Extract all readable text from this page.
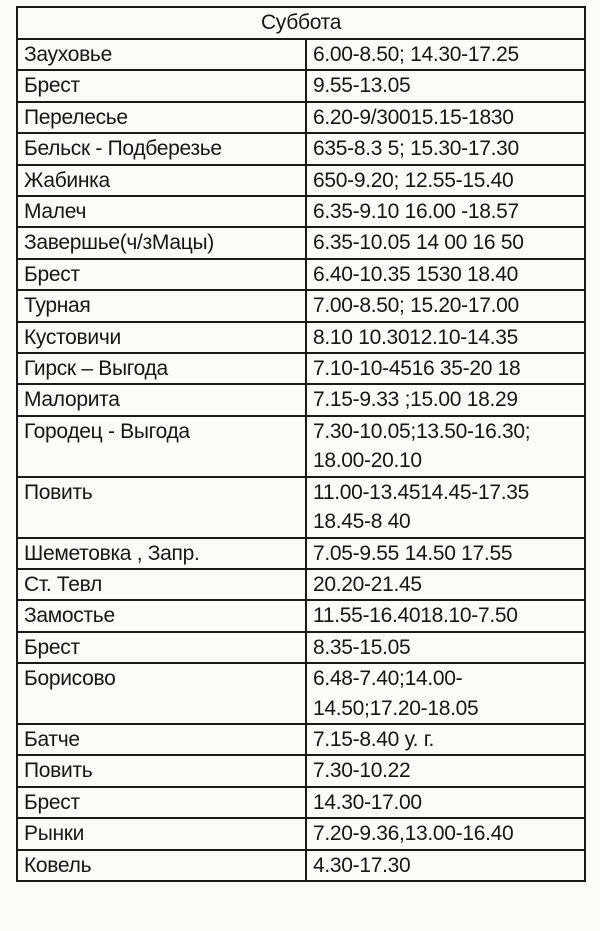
Суббота	
Зауховье	6.00-8.50; 14.30-17.25
Брест	9.55-13.05
Перелесье	6.20-9/30015.15-1830
Бельск - Подберезье	635-8.3 5; 15.30-17.30
Жабинка	650-9.20; 12.55-15.40
Малеч	6.35-9.10 16.00 -18.57
Завершье(ч/зМацы)	6.35-10.05 14 00 16 50
Брест	6.40-10.35 1530 18.40
Турная	7.00-8.50; 15.20-17.00
Кустовичи	8.10 10.3012.10-14.35
Гирск – Выгода	7.10-10-4516 35-20 18
Малорита	7.15-9.33 ;15.00 18.29
Городец - Выгода	7.30-10.05;13.50-16.30;
18.00-20.10
Повить	11.00-13.4514.45-17.35
18.45-8 40
Шеметовка , Запр.	7.05-9.55 14.50 17.55
Ст. Тевл	20.20-21.45
Замостье	11.55-16.4018.10-7.50
Брест	8.35-15.05
Борисово	6.48-7.40;14.00-
14.50;17.20-18.05
Батче	7.15-8.40 у. г.
Повить	7.30-10.22
Брест	14.30-17.00
Рынки	7.20-9.36,13.00-16.40
Ковель	4.30-17.30
